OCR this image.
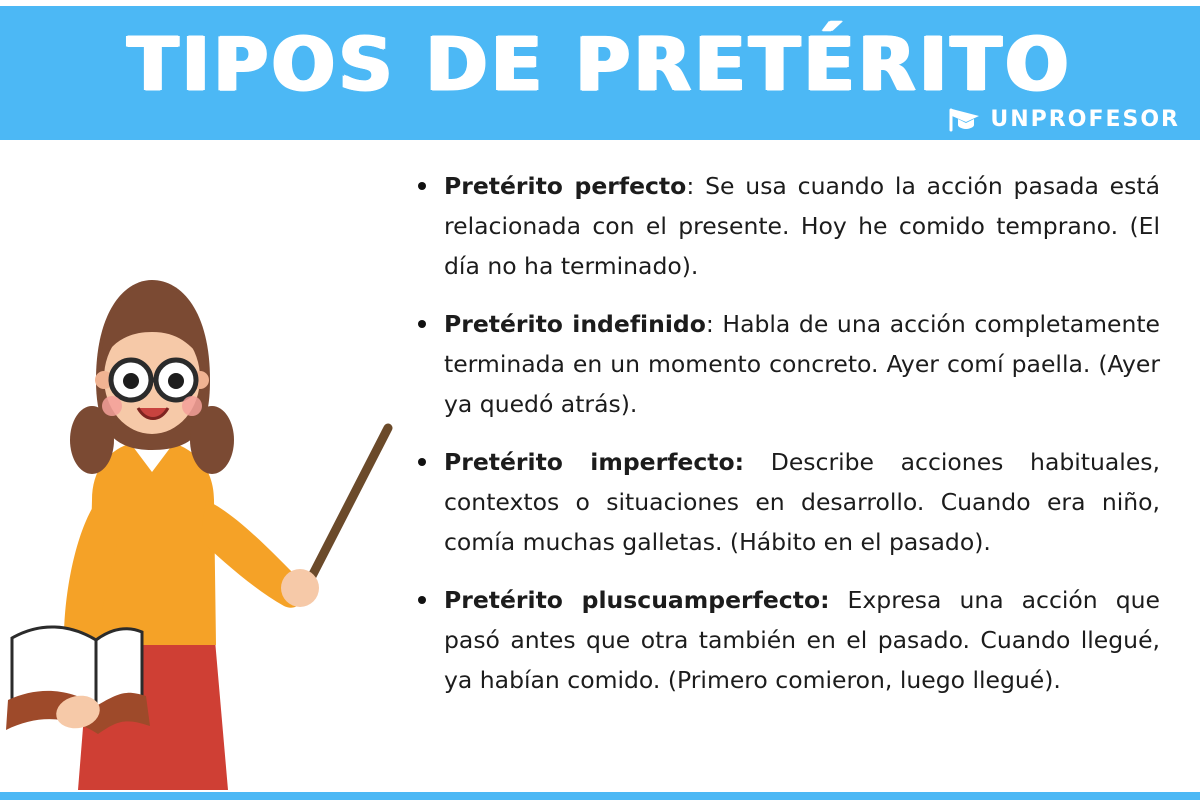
TIPOS DE PRETÉRITO
UNPROFESOR
Pretérito perfecto: Se usa cuando la acción pasada está relacionada con el presente. Hoy he comido temprano. (El día no ha terminado).
Pretérito indefinido: Habla de una acción completamente terminada en un momento concreto. Ayer comí paella. (Ayer ya quedó atrás).
Pretérito imperfecto: Describe acciones habituales, contextos o situaciones en desarrollo. Cuando era niño, comía muchas galletas. (Hábito en el pasado).
Pretérito pluscuamperfecto: Expresa una acción que pasó antes que otra también en el pasado. Cuando llegué, ya habían comido. (Primero comieron, luego llegué).
